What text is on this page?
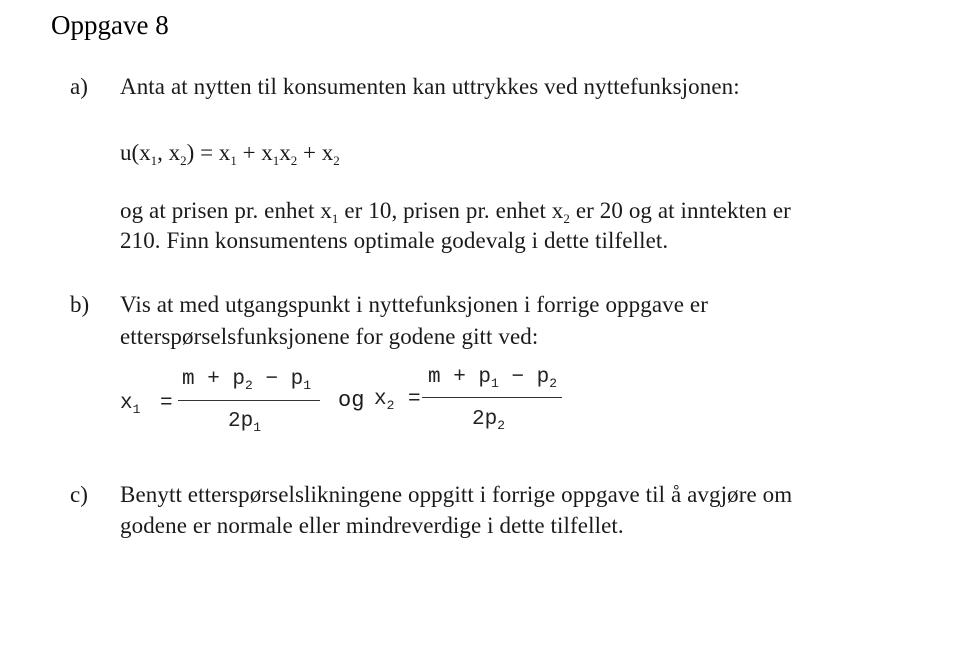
Oppgave 8
a) Anta at nytten til konsumenten kan uttrykkes ved nyttefunksjonen:
$u(x_1$, $x_2) = x_1 + x_1x_2 + x_2$
og at prisen pr. enhet $x_1$ er 10, prisen pr. enhet $x_2$ er 20 og at inntekten er
210. Finn konsumentens optimale godevalg i dette tilfellet.
b) Vis at med utgangspunkt i nyttefunksjonen i forrige oppgave er
etterspørselsfunksjonene for godene gitt ved:
$x_1$ =
$m + p_2 - p_1$
$2p_1$
og $x_2$ =
$m + p_1 - p_2$
$2p_2$
c) Benytt etterspørselslikningene oppgitt i forrige oppgave til å avgjøre om
godene er normale eller mindreverdige i dette tilfellet.
